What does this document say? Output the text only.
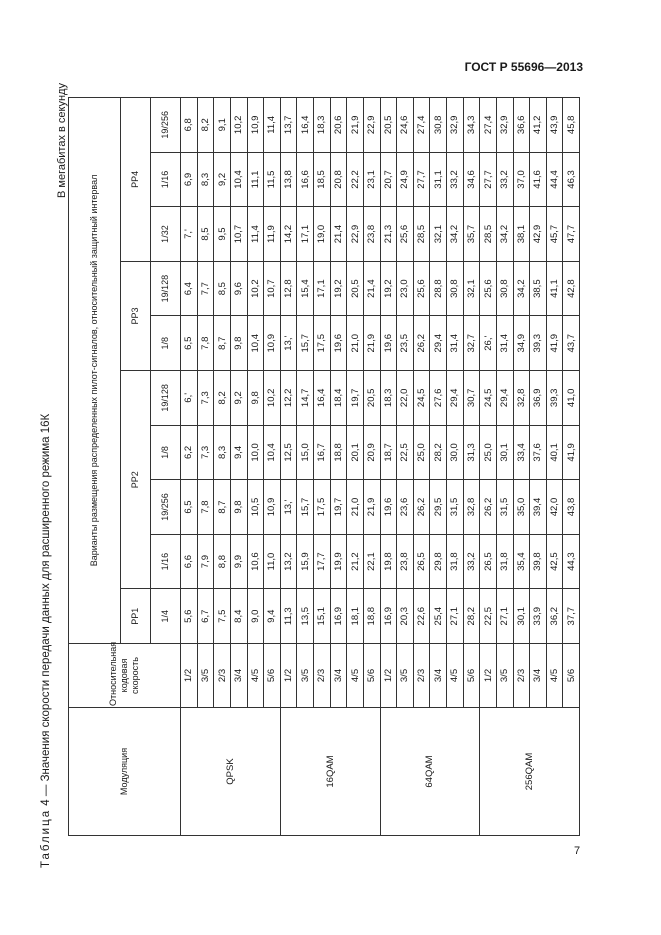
ГОСТ Р 55696—2013
Таблица 4 — Значения скорости передачи данных для расширенного режима 16К
В мегабитах в секунду
Модуляция	Относительная кодовая скорость	Варианты размещения распределенных пилот-сигналов, относительный защитный интервал									
		PP1	PP2				PP3		PP4		
		1/4	1/16	19/256	1/8	19/128	1/8	19/128	1/32	1/16	19/256
QPSK	1/2	5,6	6,6	6,5	6,2	6,'	6,5	6,4	7,'	6,9	6,8
	3/5	6,7	7,9	7,8	7,3	7,3	7,8	7,7	8,5	8,3	8,2
	2/3	7,5	8,8	8,7	8,3	8,2	8,7	8,5	9,5	9,2	9,1
	3/4	8,4	9,9	9,8	9,4	9,2	9,8	9,6	10,7	10,4	10,2
	4/5	9,0	10,6	10,5	10,0	9,8	10,4	10,2	11,4	11,1	10,9
	5/6	9,4	11,0	10,9	10,4	10,2	10,9	10,7	11,9	11,5	11,4
16QAM	1/2	11,3	13,2	13,'	12,5	12,2	13,'	12,8	14,2	13,8	13,7
	3/5	13,5	15,9	15,7	15,0	14,7	15,7	15,4	17,1	16,6	16,4
	2/3	15,1	17,7	17,5	16,7	16,4	17,5	17,1	19,0	18,5	18,3
	3/4	16,9	19,9	19,7	18,8	18,4	19,6	19,2	21,4	20,8	20,6
	4/5	18,1	21,2	21,0	20,1	19,7	21,0	20,5	22,9	22,2	21,9
	5/6	18,8	22,1	21,9	20,9	20,5	21,9	21,4	23,8	23,1	22,9
64QAM	1/2	16,9	19,8	19,6	18,7	18,3	19,6	19,2	21,3	20,7	20,5
	3/5	20,3	23,8	23,6	22,5	22,0	23,5	23,0	25,6	24,9	24,6
	2/3	22,6	26,5	26,2	25,0	24,5	26,2	25,6	28,5	27,7	27,4
	3/4	25,4	29,8	29,5	28,2	27,6	29,4	28,8	32,1	31,1	30,8
	4/5	27,1	31,8	31,5	30,0	29,4	31,4	30,8	34,2	33,2	32,9
	5/6	28,2	33,2	32,8	31,3	30,7	32,7	32,1	35,7	34,6	34,3
256QAM	1/2	22,5	26,5	26,2	25,0	24,5	26,'	25,6	28,5	27,7	27,4
	3/5	27,1	31,8	31,5	30,1	29,4	31,4	30,8	34,2	33,2	32,9
	2/3	30,1	35,4	35,0	33,4	32,8	34,9	34,2	38,1	37,0	36,6
	3/4	33,9	39,8	39,4	37,6	36,9	39,3	38,5	42,9	41,6	41,2
	4/5	36,2	42,5	42,0	40,1	39,3	41,9	41,1	45,7	44,4	43,9
	5/6	37,7	44,3	43,8	41,9	41,0	43,7	42,8	47,7	46,3	45,8
7
